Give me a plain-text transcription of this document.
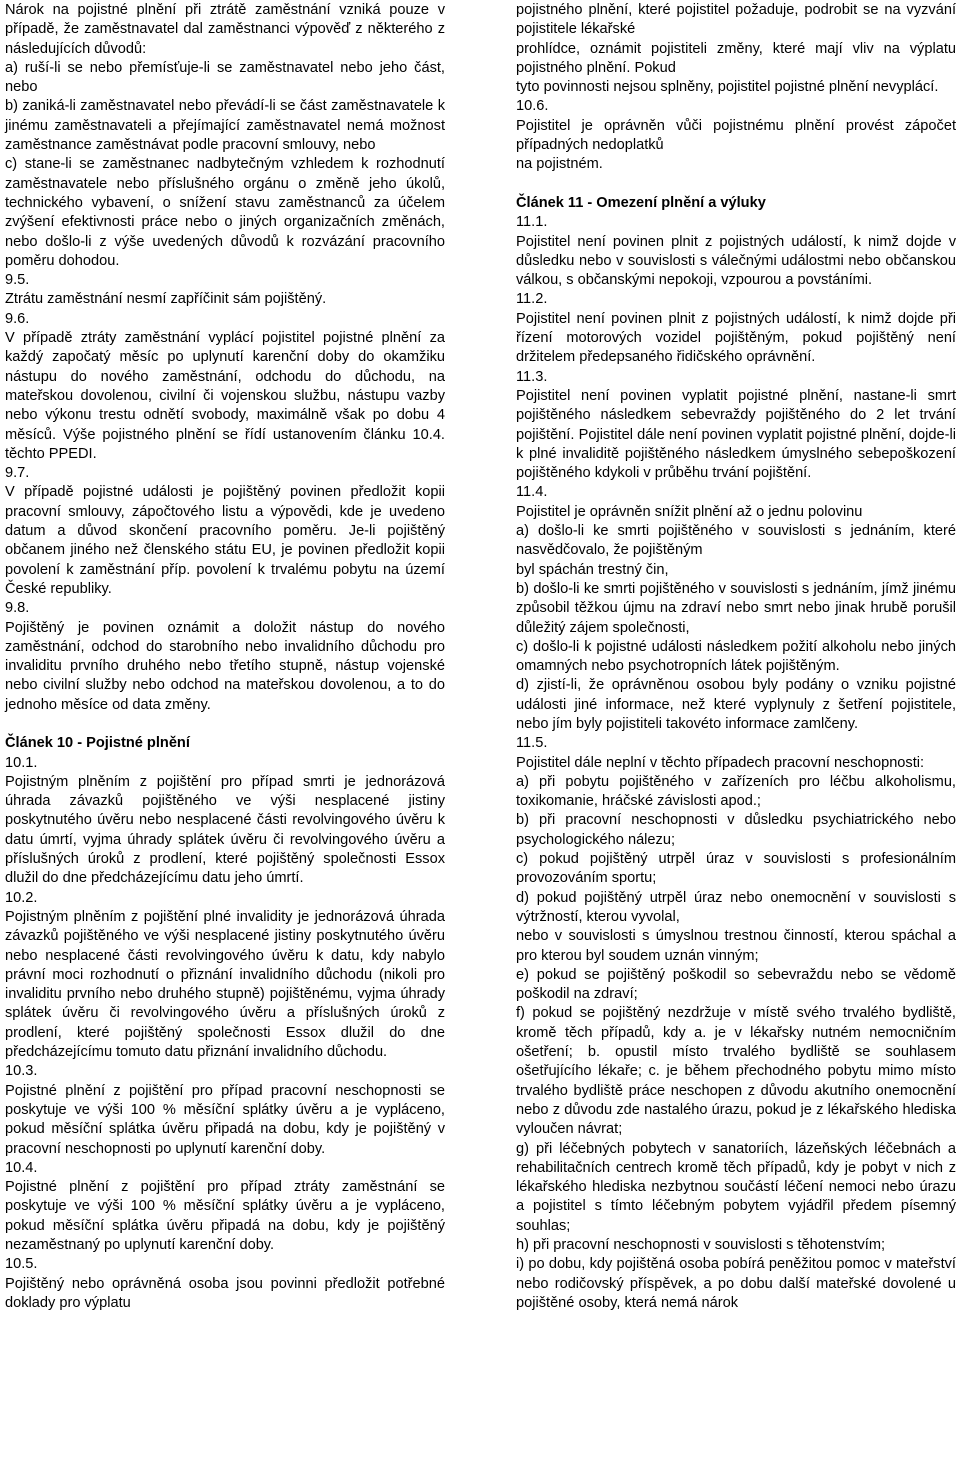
Nárok na pojistné plnění při ztrátě zaměstnání vzniká pouze v případě, že zaměstnavatel dal zaměstnanci výpověď z některého z následujících důvodů:

a) ruší-li se nebo přemísťuje-li se zaměstnavatel nebo jeho část, nebo

b) zaniká-li zaměstnavatel nebo převádí-li se část zaměstnavatele k jinému zaměstnavateli a přejímající zaměstnavatel nemá možnost zaměstnance zaměstnávat podle pracovní smlouvy, nebo

c) stane-li se zaměstnanec nadbytečným vzhledem k rozhodnutí zaměstnavatele nebo příslušného orgánu o změně jeho úkolů, technického vybavení, o snížení stavu zaměstnanců za účelem zvýšení efektivnosti práce nebo o jiných organizačních změnách, nebo došlo-li z výše uvedených důvodů k rozvázání pracovního poměru dohodou.

9.5.

Ztrátu zaměstnání nesmí zapříčinit sám pojištěný.

9.6.

V případě ztráty zaměstnání vyplácí pojistitel pojistné plnění za každý započatý měsíc po uplynutí karenční doby do okamžiku nástupu do nového zaměstnání, odchodu do důchodu, na mateřskou dovolenou, civilní či vojenskou službu, nástupu vazby nebo výkonu trestu odnětí svobody, maximálně však po dobu 4 měsíců. Výše pojistného plnění se řídí ustanovením článku 10.4. těchto PPEDI.

9.7.

V případě pojistné události je pojištěný povinen předložit kopii pracovní smlouvy, zápočtového listu a výpovědi, kde je uvedeno datum a důvod skončení pracovního poměru. Je-li pojištěný občanem jiného než členského státu EU, je povinen předložit kopii povolení k zaměstnání příp. povolení k trvalému pobytu na území České republiky.

9.8.

Pojištěný je povinen oznámit a doložit nástup do nového zaměstnání, odchod do starobního nebo invalidního důchodu pro invaliditu prvního druhého nebo třetího stupně, nástup vojenské nebo civilní služby nebo odchod na mateřskou dovolenou, a to do jednoho měsíce od data změny.

Článek 10 - Pojistné plnění

10.1.

Pojistným plněním z pojištění pro případ smrti je jednorázová úhrada závazků pojištěného ve výši nesplacené jistiny poskytnutého úvěru nebo nesplacené části revolvingového úvěru k datu úmrtí, vyjma úhrady splátek úvěru či revolvingového úvěru a příslušných úroků z prodlení, které pojištěný společnosti Essox dlužil do dne předcházejícímu datu jeho úmrtí.

10.2.

Pojistným plněním z pojištění plné invalidity je jednorázová úhrada závazků pojištěného ve výši nesplacené jistiny poskytnutého úvěru nebo nesplacené části revolvingového úvěru k datu, kdy nabylo právní moci rozhodnutí o přiznání invalidního důchodu (nikoli pro invaliditu prvního nebo druhého stupně) pojištěnému, vyjma úhrady splátek úvěru či revolvingového úvěru a příslušných úroků z prodlení, které pojištěný společnosti Essox dlužil do dne předcházejícímu tomuto datu přiznání invalidního důchodu.

10.3.

Pojistné plnění z pojištění pro případ pracovní neschopnosti se poskytuje ve výši 100 % měsíční splátky úvěru a je vypláceno, pokud měsíční splátka úvěru připadá na dobu, kdy je pojištěný v pracovní neschopnosti po uplynutí karenční doby.

10.4.

Pojistné plnění z pojištění pro případ ztráty zaměstnání se poskytuje ve výši 100 % měsíční splátky úvěru a je vypláceno, pokud měsíční splátka úvěru připadá na dobu, kdy je pojištěný nezaměstnaný po uplynutí karenční doby.

10.5.

Pojištěný nebo oprávněná osoba jsou povinni předložit potřebné doklady pro výplatu

pojistného plnění, které pojistitel požaduje, podrobit se na vyzvání pojistitele lékařské

prohlídce, oznámit pojistiteli změny, které mají vliv na výplatu pojistného plnění. Pokud

tyto povinnosti nejsou splněny, pojistitel pojistné plnění nevyplácí.

10.6.

Pojistitel je oprávněn vůči pojistnému plnění provést zápočet případných nedoplatků

na pojistném.

Článek 11 - Omezení plnění a výluky

11.1.

Pojistitel není povinen plnit z pojistných událostí, k nimž dojde v důsledku nebo v souvislosti s válečnými událostmi nebo občanskou válkou, s občanskými nepokoji, vzpourou a povstáními.

11.2.

Pojistitel není povinen plnit z pojistných událostí, k nimž dojde při řízení motorových vozidel pojištěným, pokud pojištěný není držitelem předepsaného řidičského oprávnění.

11.3.

Pojistitel není povinen vyplatit pojistné plnění, nastane-li smrt pojištěného následkem sebevraždy pojištěného do 2 let trvání pojištění. Pojistitel dále není povinen vyplatit pojistné plnění, dojde-li k plné invaliditě pojištěného následkem úmyslného sebepoškození pojištěného kdykoli v průběhu trvání pojištění.

11.4.

Pojistitel je oprávněn snížit plnění až o jednu polovinu

a) došlo-li ke smrti pojištěného v souvislosti s jednáním, které nasvědčovalo, že pojištěným

byl spáchán trestný čin,

b) došlo-li ke smrti pojištěného v souvislosti s jednáním, jímž jinému způsobil těžkou újmu na zdraví nebo smrt nebo jinak hrubě porušil důležitý zájem společnosti,

c) došlo-li k pojistné události následkem požití alkoholu nebo jiných omamných nebo psychotropních látek pojištěným.

d) zjistí-li, že oprávněnou osobou byly podány o vzniku pojistné události jiné informace, než které vyplynuly z šetření pojistitele, nebo jím byly pojistiteli takovéto informace zamlčeny.

11.5.

Pojistitel dále neplní v těchto případech pracovní neschopnosti:

a) při pobytu pojištěného v zařízeních pro léčbu alkoholismu, toxikomanie, hráčské závislosti apod.;

b) při pracovní neschopnosti v důsledku psychiatrického nebo psychologického nálezu;

c) pokud pojištěný utrpěl úraz v souvislosti s profesionálním provozováním sportu;

d) pokud pojištěný utrpěl úraz nebo onemocnění v souvislosti s výtržností, kterou vyvolal,

nebo v souvislosti s úmyslnou trestnou činností, kterou spáchal a pro kterou byl soudem uznán vinným;

e) pokud se pojištěný poškodil so sebevraždu nebo se vědomě poškodil na zdraví;

f) pokud se pojištěný nezdržuje v místě svého trvalého bydliště, kromě těch případů, kdy a. je v lékařsky nutném nemocničním ošetření; b. opustil místo trvalého bydliště se souhlasem ošetřujícího lékaře; c. je během přechodného pobytu mimo místo trvalého bydliště práce neschopen z důvodu akutního onemocnění nebo z důvodu zde nastalého úrazu, pokud je z lékařského hlediska vyloučen návrat;

g) při léčebných pobytech v sanatoriích, lázeňských léčebnách a rehabilitačních centrech kromě těch případů, kdy je pobyt v nich z lékařského hlediska nezbytnou součástí léčení nemoci nebo úrazu a pojistitel s tímto léčebným pobytem vyjádřil předem písemný souhlas;

h) při pracovní neschopnosti v souvislosti s těhotenstvím;

i) po dobu, kdy pojištěná osoba pobírá peněžitou pomoc v mateřství nebo rodičovský příspěvek, a po dobu další mateřské dovolené u pojištěné osoby, která nemá nárok
